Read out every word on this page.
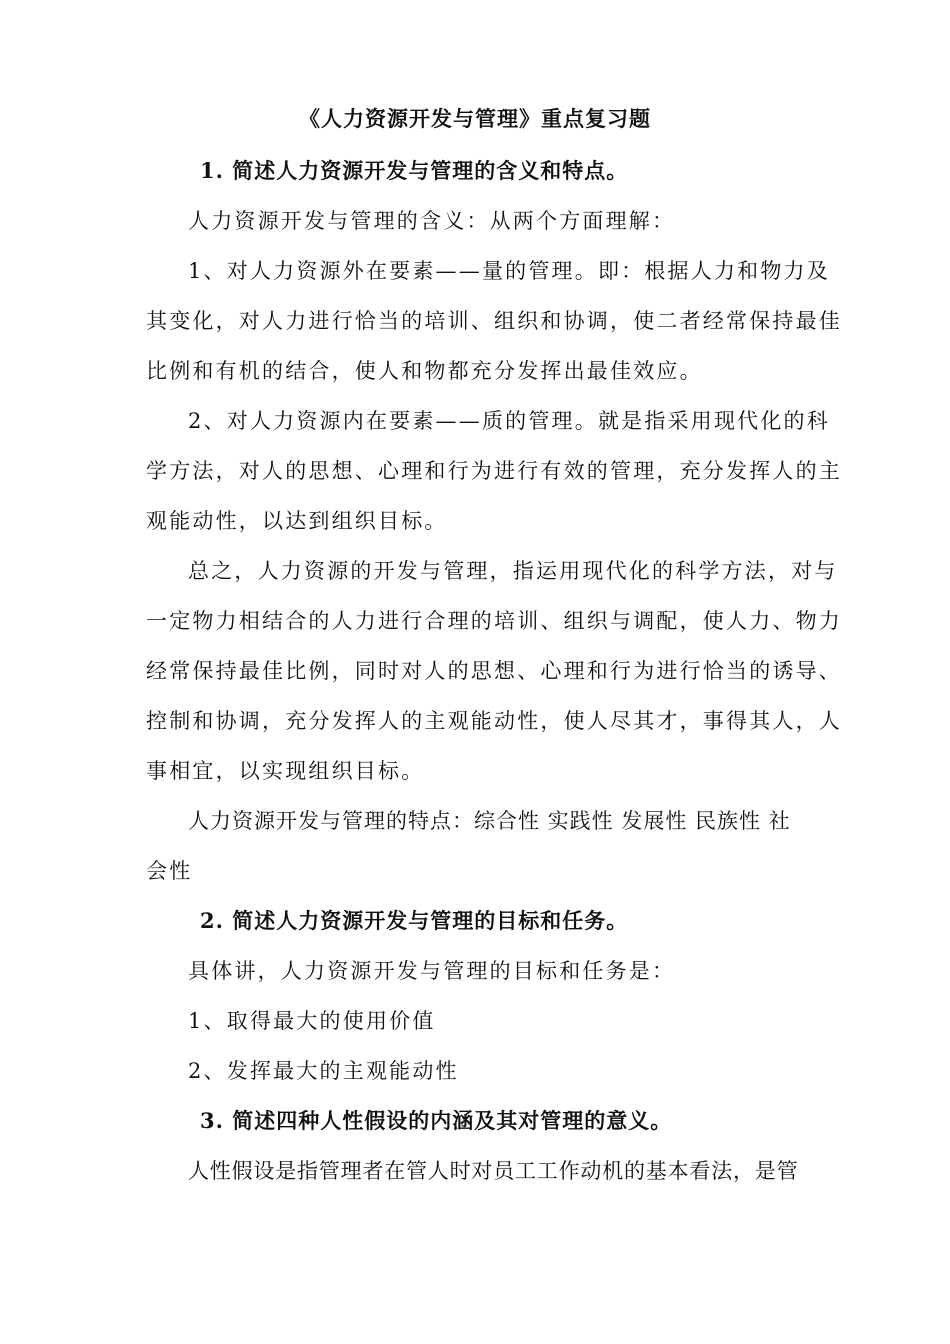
《人力资源开发与管理》重点复习题
1. 简述人力资源开发与管理的含义和特点。
人力资源开发与管理的含义：从两个方面理解：
1、对人力资源外在要素——量的管理。即：根据人力和物力及
其变化，对人力进行恰当的培训、组织和协调，使二者经常保持最佳
比例和有机的结合，使人和物都充分发挥出最佳效应。
2、对人力资源内在要素——质的管理。就是指采用现代化的科
学方法，对人的思想、心理和行为进行有效的管理，充分发挥人的主
观能动性，以达到组织目标。
总之，人力资源的开发与管理，指运用现代化的科学方法，对与
一定物力相结合的人力进行合理的培训、组织与调配，使人力、物力
经常保持最佳比例，同时对人的思想、心理和行为进行恰当的诱导、
控制和协调，充分发挥人的主观能动性，使人尽其才，事得其人，人
事相宜，以实现组织目标。
人力资源开发与管理的特点：综合性 实践性 发展性 民族性 社
会性
2. 简述人力资源开发与管理的目标和任务。
具体讲，人力资源开发与管理的目标和任务是：
1、取得最大的使用价值
2、发挥最大的主观能动性
3. 简述四种人性假设的内涵及其对管理的意义。
人性假设是指管理者在管人时对员工工作动机的基本看法，是管
